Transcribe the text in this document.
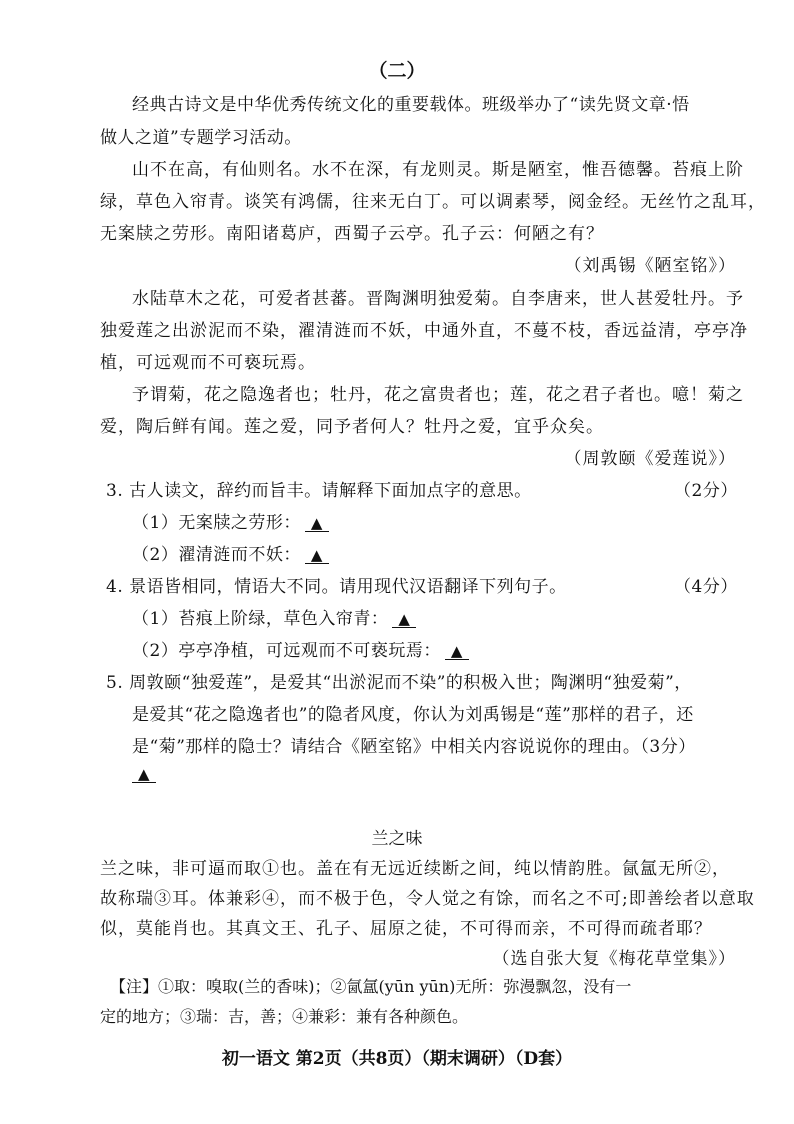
（二）
经典古诗文是中华优秀传统文化的重要载体。班级举办了“读先贤文章·悟
做人之道”专题学习活动。
山不在高，有仙则名。水不在深，有龙则灵。斯是陋室，惟吾德馨。苔痕上阶
绿，草色入帘青。谈笑有鸿儒，往来无白丁。可以调素琴，阅金经。无丝竹之乱耳，
无案牍之劳形。南阳诸葛庐，西蜀子云亭。孔子云：何陋之有？
（刘禹锡《陋室铭》）
水陆草木之花，可爱者甚蕃。晋陶渊明独爱菊。自李唐来，世人甚爱牡丹。予
独爱莲之出淤泥而不染，濯清涟而不妖，中通外直，不蔓不枝，香远益清，亭亭净
植，可远观而不可亵玩焉。
予谓菊，花之隐逸者也；牡丹，花之富贵者也；莲，花之君子者也。噫！菊之
爱，陶后鲜有闻。莲之爱，同予者何人？牡丹之爱，宜乎众矣。
（周敦颐《爱莲说》）
3. 古人读文，辞约而旨丰。请解释下面加点字的意思。	（2分）
（1）无案牍之劳形： ▲
（2）濯清涟而不妖： ▲
4. 景语皆相同，情语大不同。请用现代汉语翻译下列句子。	（4分）
（1）苔痕上阶绿，草色入帘青： ▲
（2）亭亭净植，可远观而不可亵玩焉： ▲
5. 周敦颐“独爱莲”，是爱其“出淤泥而不染”的积极入世；陶渊明“独爱菊”，
是爱其“花之隐逸者也”的隐者风度，你认为刘禹锡是“莲”那样的君子，还
是“菊”那样的隐士？请结合《陋室铭》中相关内容说说你的理由。（3分）
▲
兰之味
兰之味，非可逼而取①也。盖在有无远近续断之间，纯以情韵胜。氤氲无所②，
故称瑞③耳。体兼彩④，而不极于色，令人觉之有馀，而名之不可;即善绘者以意取
似，莫能肖也。其真文王、孔子、屈原之徒，不可得而亲，不可得而疏者耶？
（选自张大复《梅花草堂集》）
【注】①取：嗅取(兰的香味)；②氤氲(yūn yūn)无所：弥漫飘忽，没有一
定的地方；③瑞：吉，善；④兼彩：兼有各种颜色。
初一语文 第2页（共8页）（期末调研）（D套）
